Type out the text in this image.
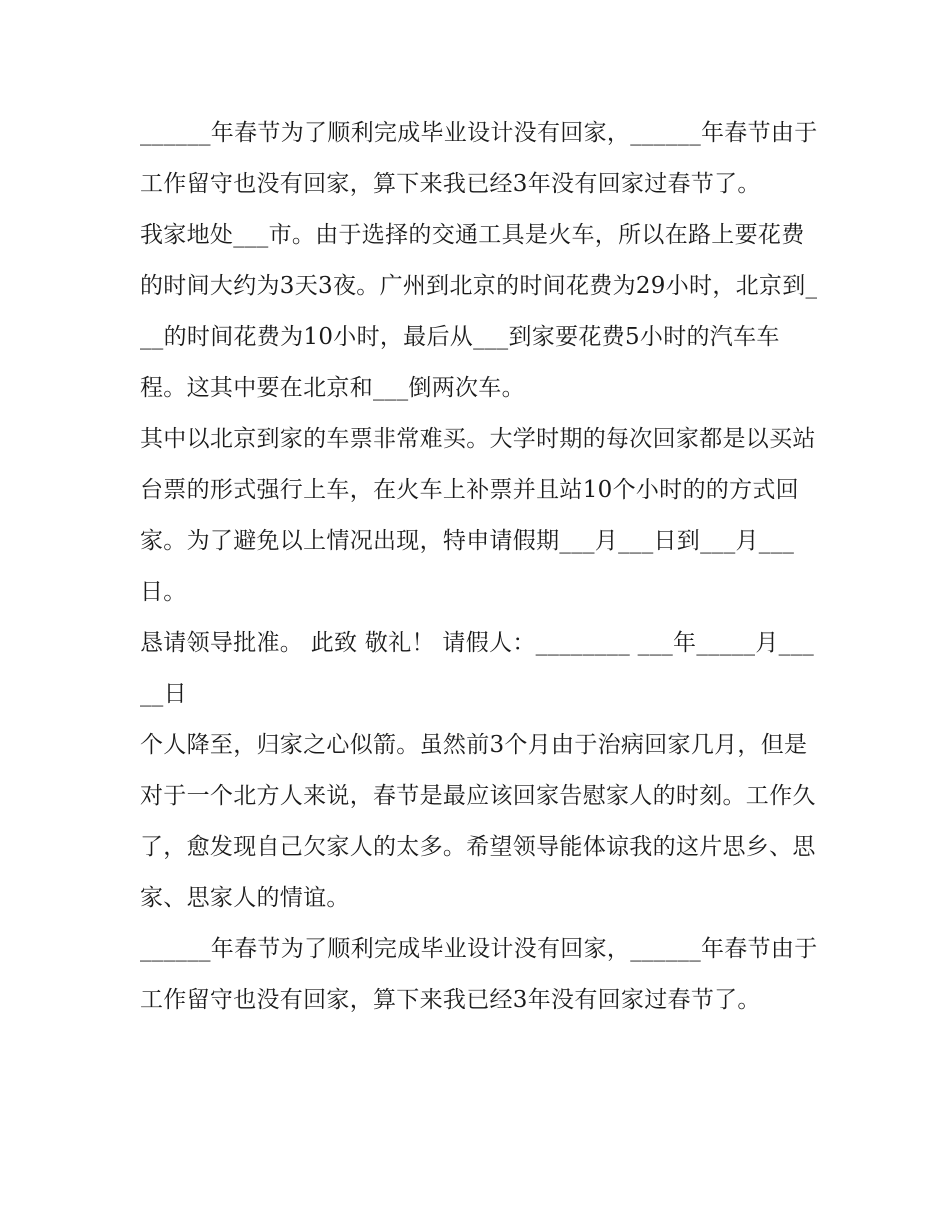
______年春节为了顺利完成毕业设计没有回家，______年春节由于工作留守也没有回家，算下来我已经3年没有回家过春节了。

我家地处___市。由于选择的交通工具是火车，所以在路上要花费的时间大约为3天3夜。广州到北京的时间花费为29小时，北京到___的时间花费为10小时，最后从___到家要花费5小时的汽车车程。这其中要在北京和___倒两次车。

其中以北京到家的车票非常难买。大学时期的每次回家都是以买站台票的形式强行上车，在火车上补票并且站10个小时的的方式回家。为了避免以上情况出现，特申请假期___月___日到___月___日。

恳请领导批准。 此致 敬礼！ 请假人：________ ___年_____月_____日

个人降至，归家之心似箭。虽然前3个月由于治病回家几月，但是对于一个北方人来说，春节是最应该回家告慰家人的时刻。工作久了，愈发现自己欠家人的太多。希望领导能体谅我的这片思乡、思家、思家人的情谊。

______年春节为了顺利完成毕业设计没有回家，______年春节由于工作留守也没有回家，算下来我已经3年没有回家过春节了。
